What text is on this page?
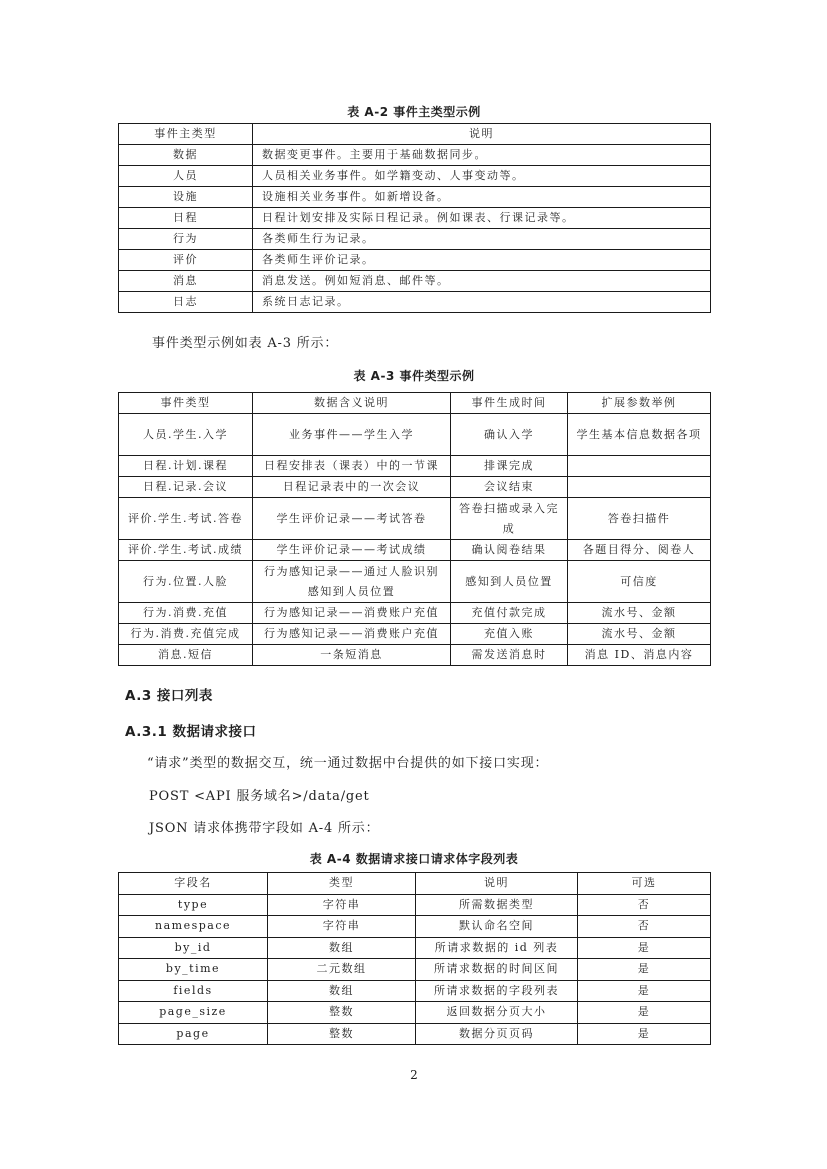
表 A-2 事件主类型示例
事件主类型	说明
数据	数据变更事件。主要用于基础数据同步。
人员	人员相关业务事件。如学籍变动、人事变动等。
设施	设施相关业务事件。如新增设备。
日程	日程计划安排及实际日程记录。例如课表、行课记录等。
行为	各类师生行为记录。
评价	各类师生评价记录。
消息	消息发送。例如短消息、邮件等。
日志	系统日志记录。
事件类型示例如表 A-3 所示：
表 A-3 事件类型示例
事件类型	数据含义说明	事件生成时间	扩展参数举例
人员.学生.入学	业务事件——学生入学	确认入学	学生基本信息数据各项
日程.计划.课程	日程安排表（课表）中的一节课	排课完成	
日程.记录.会议	日程记录表中的一次会议	会议结束	
评价.学生.考试.答卷	学生评价记录——考试答卷	答卷扫描或录入完成	答卷扫描件
评价.学生.考试.成绩	学生评价记录——考试成绩	确认阅卷结果	各题目得分、阅卷人
行为.位置.人脸	行为感知记录——通过人脸识别感知到人员位置	感知到人员位置	可信度
行为.消费.充值	行为感知记录——消费账户充值	充值付款完成	流水号、金额
行为.消费.充值完成	行为感知记录——消费账户充值	充值入账	流水号、金额
消息.短信	一条短消息	需发送消息时	消息 ID、消息内容
A.3 接口列表
A.3.1 数据请求接口
“请求”类型的数据交互，统一通过数据中台提供的如下接口实现：
POST <API 服务域名>/data/get
JSON 请求体携带字段如 A-4 所示：
表 A-4 数据请求接口请求体字段列表
字段名	类型	说明	可选
type	字符串	所需数据类型	否
namespace	字符串	默认命名空间	否
by_id	数组	所请求数据的 id 列表	是
by_time	二元数组	所请求数据的时间区间	是
fields	数组	所请求数据的字段列表	是
page_size	整数	返回数据分页大小	是
page	整数	数据分页页码	是
2
